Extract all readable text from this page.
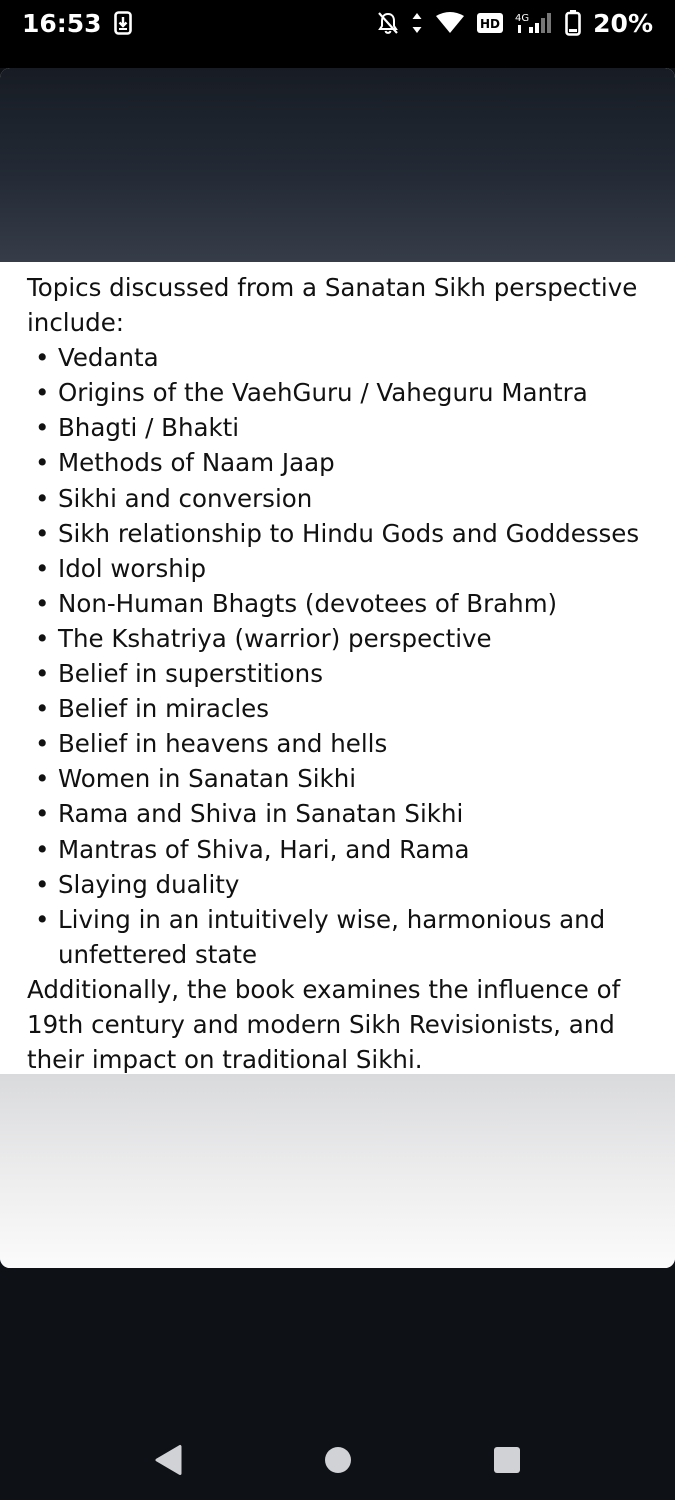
16:53	HD 4G	20%

Topics discussed from a Sanatan Sikh perspective include:

• Vedanta
• Origins of the VaehGuru / Vaheguru Mantra
• Bhagti / Bhakti
• Methods of Naam Jaap
• Sikhi and conversion
• Sikh relationship to Hindu Gods and Goddesses
• Idol worship
• Non-Human Bhagts (devotees of Brahm)
• The Kshatriya (warrior) perspective
• Belief in superstitions
• Belief in miracles
• Belief in heavens and hells
• Women in Sanatan Sikhi
• Rama and Shiva in Sanatan Sikhi
• Mantras of Shiva, Hari, and Rama
• Slaying duality
• Living in an intuitively wise, harmonious and unfettered state

Additionally, the book examines the influence of 19th century and modern Sikh Revisionists, and their impact on traditional Sikhi.
